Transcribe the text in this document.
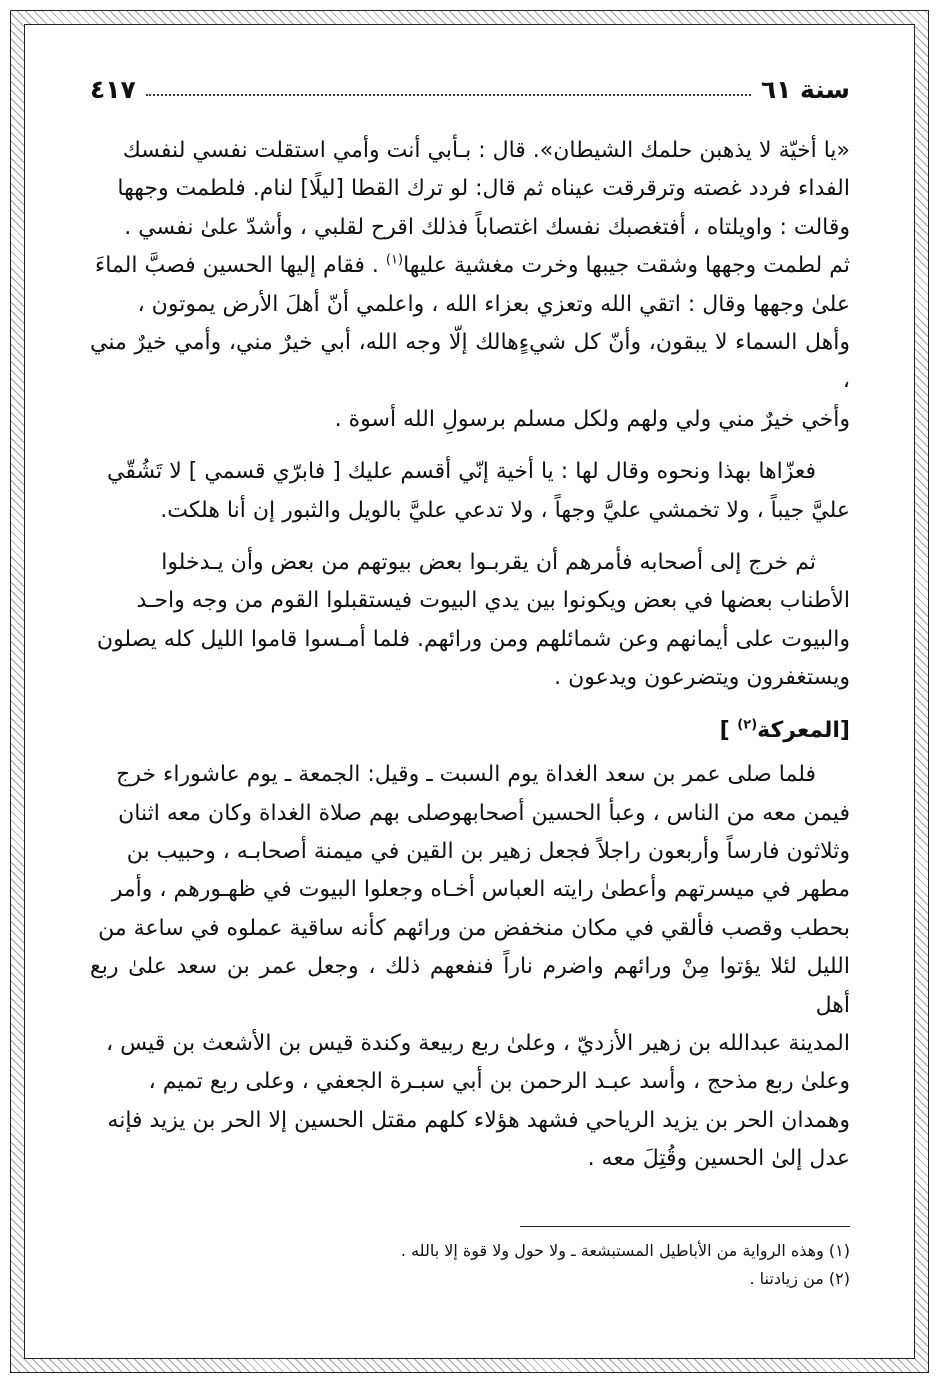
سنة ٦١
٤١٧

«يا أخيّة لا يذهبن حلمك الشيطان». قال : بـأبي أنت وأمي استقلت نفسي لنفسك

الفداء فردد غصته وترقرقت عيناه ثم قال: لو ترك القطا [ليلًا] لنام. فلطمت وجهها

وقالت : واويلتاه ، أفتغصبك نفسك اغتصاباً فذلك اقرح لقلبي ، وأشدّ علىٰ نفسي .

ثم لطمت وجهها وشقت جيبها وخرت مغشية عليها$^{(١)}$ . فقام إليها الحسين فصبَّ الماءَ

علىٰ وجهها وقال : اتقي الله وتعزي بعزاء الله ، واعلمي أنّ أهلَ الأرض يموتون ،

وأهل السماء لا يبقون، وأنّ كل شيءٍهالك إلّا وجه الله، أبي خيرٌ مني، وأمي خيرٌ مني ،

وأخي خيرٌ مني ولي ولهم ولكل مسلم برسولِ الله أسوة .

فعزّاها بهذا ونحوه وقال لها : يا أخية إنّي أقسم عليك [ فابرّي قسمي ] لا تَشُقّي

عليَّ جيباً ، ولا تخمشي عليَّ وجهاً ، ولا تدعي عليَّ بالويل والثبور إن أنا هلكت.

ثم خرج إلى أصحابه فأمرهم أن يقربـوا بعض بيوتهم من بعض وأن يـدخلوا

الأطناب بعضها في بعض ويكونوا بين يدي البيوت فيستقبلوا القوم من وجه واحـد

والبيوت على أيمانهم وعن شمائلهم ومن ورائهم. فلما أمـسوا قاموا الليل كله يصلون

ويستغفرون ويتضرعون ويدعون .

[المعركة$^{(٢)}$ ]

فلما صلى عمر بن سعد الغداة يوم السبت ـ وقيل: الجمعة ـ يوم عاشوراء خرج

فيمن معه من الناس ، وعبأ الحسين أصحابهوصلى بهم صلاة الغداة وكان معه اثنان

وثلاثون فارساً وأربعون راجلاً فجعل زهير بن القين في ميمنة أصحابـه ، وحبيب بن

مطهر في ميسرتهم وأعطىٰ رايته العباس أخـاه وجعلوا البيوت في ظهـورهم ، وأمر

بحطب وقصب فألقي في مكان منخفض من ورائهم كأنه ساقية عملوه في ساعة من

الليل لئلا يؤتوا مِنْ ورائهم واضرم ناراً فنفعهم ذلك ، وجعل عمر بن سعد علىٰ ربع أهل

المدينة عبدالله بن زهير الأزديّ ، وعلىٰ ربع ربيعة وكندة قيس بن الأشعث بن قيس ،

وعلىٰ ربع مذحج ، وأسد عبـد الرحمن بن أبي سبـرة الجعفي ، وعلى ربع تميم ،

وهمدان الحر بن يزيد الرياحي فشهد هؤلاء كلهم مقتل الحسين إلا الحر بن يزيد فإنه

عدل إلىٰ الحسين وقُتِلَ معه .

(١) وهذه الرواية من الأباطيل المستبشعة ـ ولا حول ولا قوة إلا بالله .

(٢) من زيادتنا .
